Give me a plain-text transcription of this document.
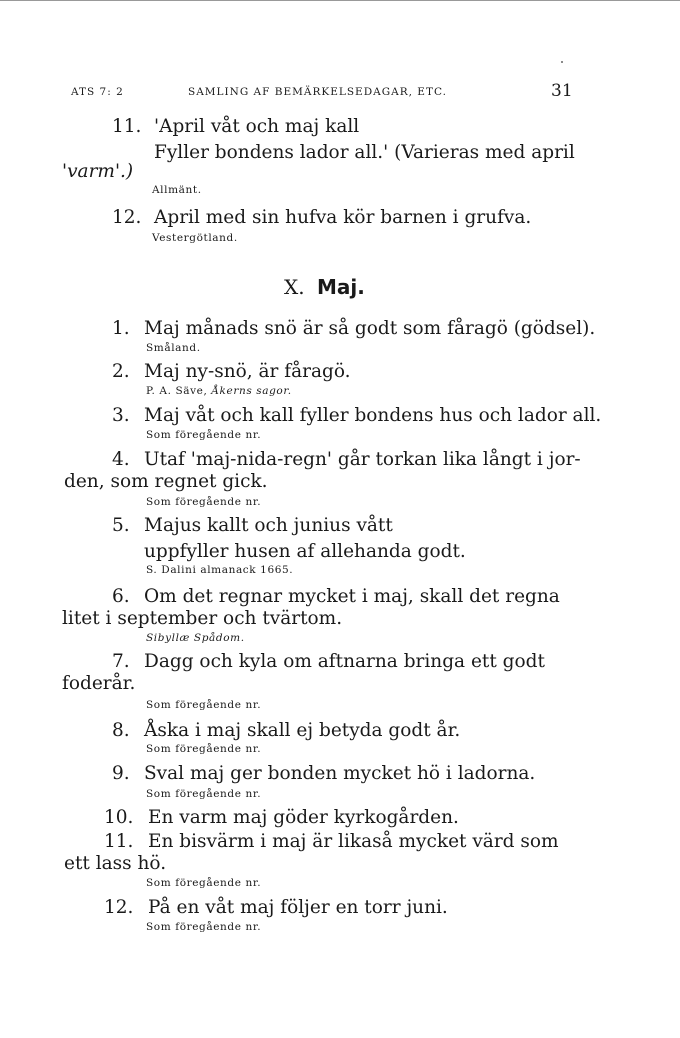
ATS 7: 2	SAMLING AF BEMÄRKELSEDAGAR, ETC.	31
11. 'April våt och maj kall
Fyller bondens lador all.' (Varieras med april
'varm'.)
Allmänt.
12. April med sin hufva kör barnen i grufva.
Vestergötland.
X. Maj.
1. Maj månads snö är så godt som fåragö (gödsel).
Småland.
2. Maj ny-snö, är fåragö.
P. A. Säve, Åkerns sagor.
3. Maj våt och kall fyller bondens hus och lador all.
Som föregående nr.
4. Utaf 'maj-nida-regn' går torkan lika långt i jor-
den, som regnet gick.
Som föregående nr.
5. Majus kallt och junius vått
uppfyller husen af allehanda godt.
S. Dalini almanack 1665.
6. Om det regnar mycket i maj, skall det regna
litet i september och tvärtom.
Sibyllæ Spådom.
7. Dagg och kyla om aftnarna bringa ett godt
foderår.
Som föregående nr.
8. Åska i maj skall ej betyda godt år.
Som föregående nr.
9. Sval maj ger bonden mycket hö i ladorna.
Som föregående nr.
10. En varm maj göder kyrkogården.
11. En bisvärm i maj är likaså mycket värd som
ett lass hö.
Som föregående nr.
12. På en våt maj följer en torr juni.
Som föregående nr.
